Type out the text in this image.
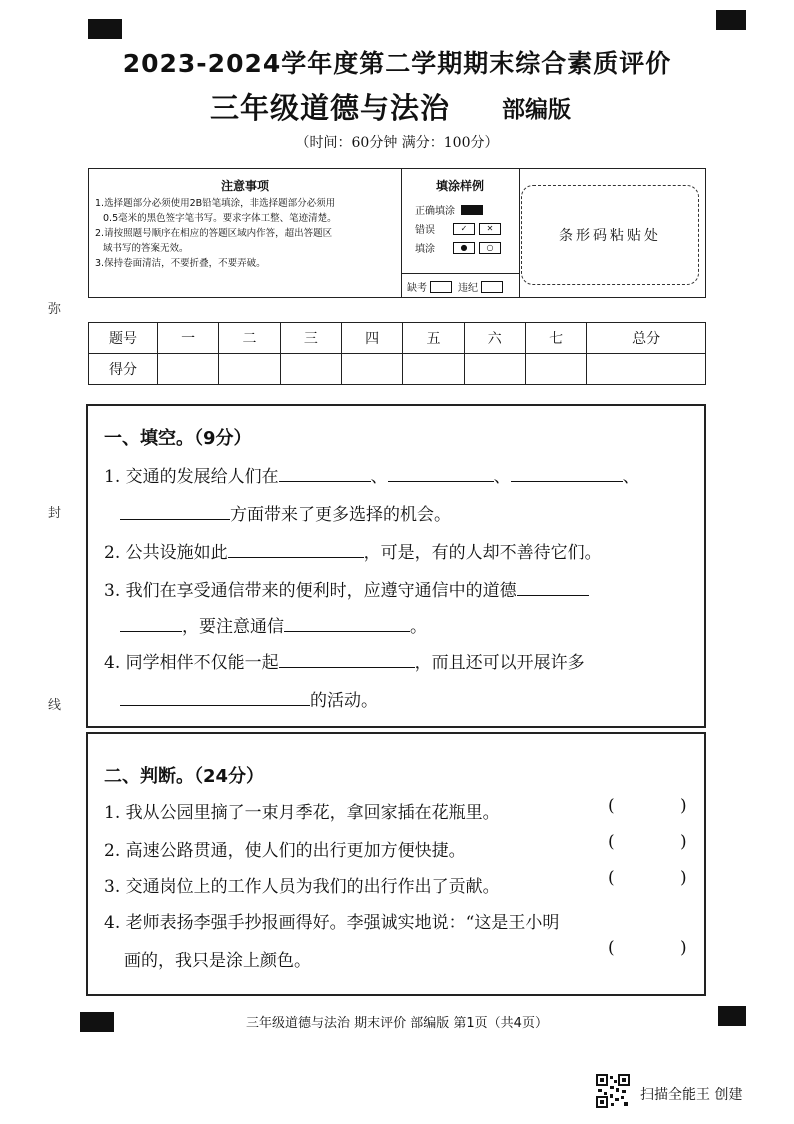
弥
封
线
2023-2024学年度第二学期期末综合素质评价
三年级道德与法治 部编版
（时间：60分钟 满分：100分）
注意事项
1.选择题部分必须使用2B铅笔填涂，非选择题部分必须用
0.5毫米的黑色签字笔书写。要求字体工整、笔迹清楚。
2.请按照题号顺序在相应的答题区域内作答，超出答题区
域书写的答案无效。
3.保持卷面清洁，不要折叠，不要弄破。
填涂样例
正确填涂
错误	✓	✕
填涂	●	○
缺考	违纪
条形码粘贴处
题号	一	二	三	四	五	六	七	总分
得分								
一、填空。（9分）
1. 交通的发展给人们在	、	、	、
方面带来了更多选择的机会。
2. 公共设施如此	，可是，有的人却不善待它们。
3. 我们在享受通信带来的便利时，应遵守通信中的道德
，要注意通信	。
4. 同学相伴不仅能一起	，而且还可以开展许多
的活动。
二、判断。（24分）
1. 我从公园里摘了一束月季花，拿回家插在花瓶里。	(	)
2. 高速公路贯通，使人们的出行更加方便快捷。	(	)
3. 交通岗位上的工作人员为我们的出行作出了贡献。	(	)
4. 老师表扬李强手抄报画得好。李强诚实地说：“这是王小明
画的，我只是涂上颜色。
(	)
三年级道德与法治 期末评价 部编版 第1页（共4页）
扫描全能王 创建
